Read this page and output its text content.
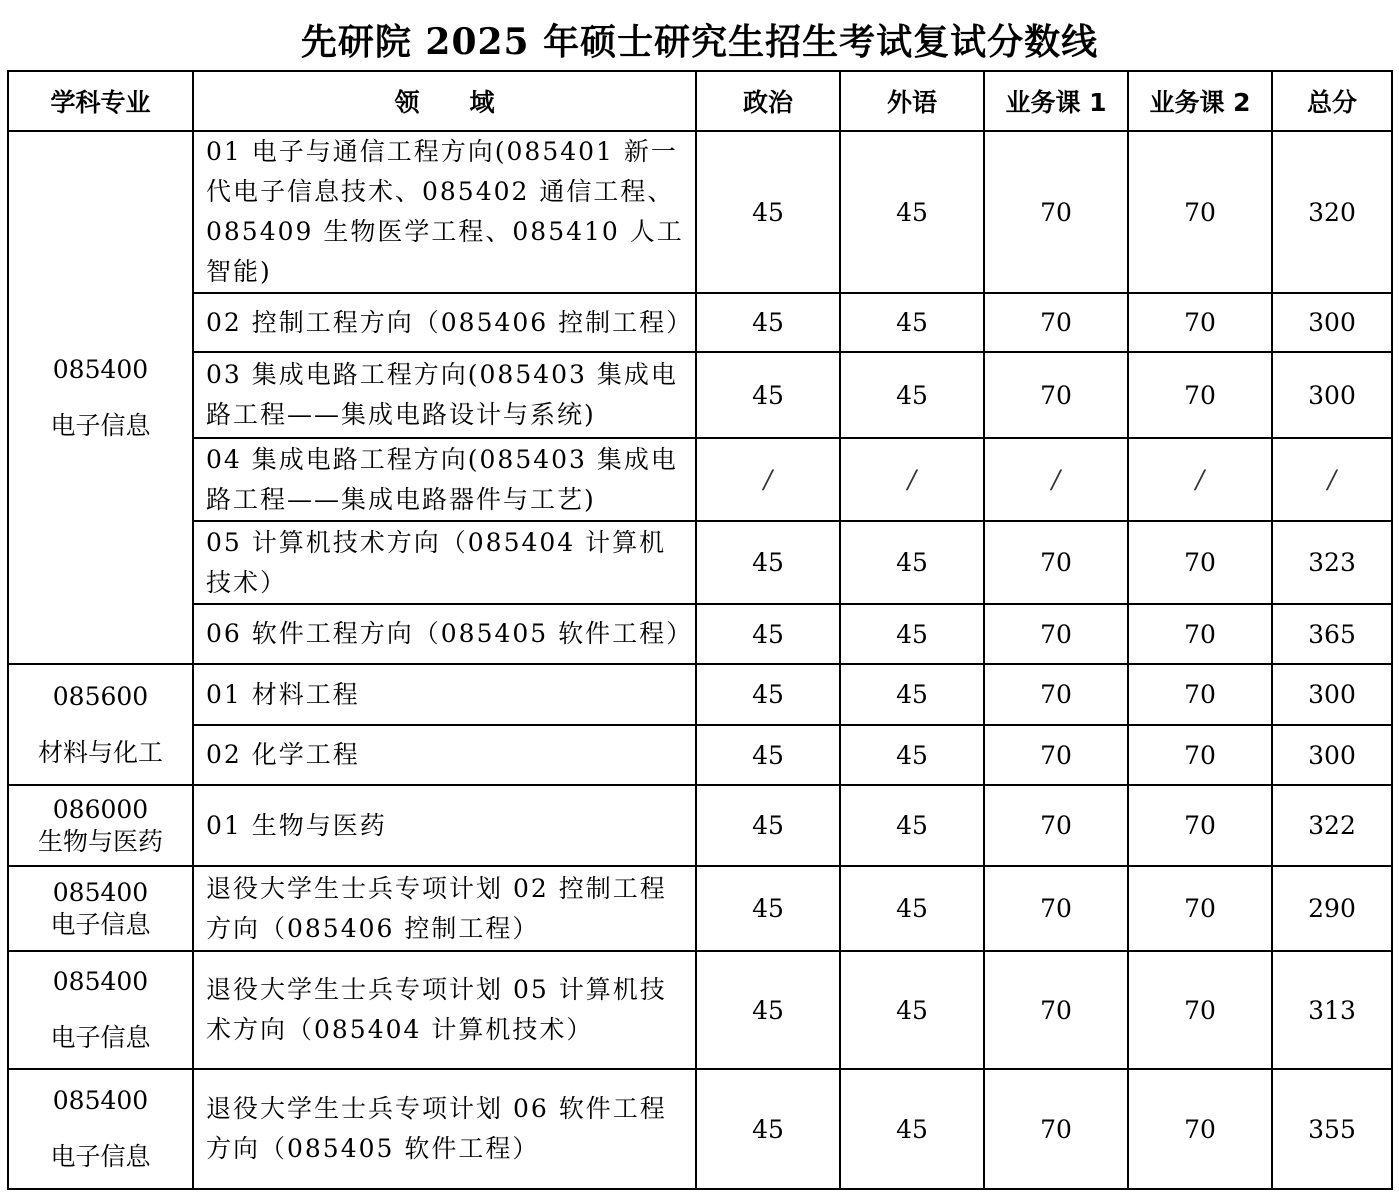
先研院 2025 年硕士研究生招生考试复试分数线
学科专业	领　　域	政治	外语	业务课 1	业务课 2	总分

085400
电子信息	01 电子与通信工程方向(085401 新一代电子信息技术、085402 通信工程、085409 生物医学工程、085410 人工智能)	45	45	70	70	320
	02 控制工程方向（085406 控制工程）	45	45	70	70	300
	03 集成电路工程方向(085403 集成电路工程——集成电路设计与系统)	45	45	70	70	300
	04 集成电路工程方向(085403 集成电路工程——集成电路器件与工艺)	/	/	/	/	/
	05 计算机技术方向（085404 计算机技术）	45	45	70	70	323
	06 软件工程方向（085405 软件工程）	45	45	70	70	365

085600
材料与化工	01 材料工程	45	45	70	70	300
	02 化学工程	45	45	70	70	300

086000
生物与医药	01 生物与医药	45	45	70	70	322

085400
电子信息	退役大学生士兵专项计划 02 控制工程方向（085406 控制工程）	45	45	70	70	290

085400
电子信息	退役大学生士兵专项计划 05 计算机技术方向（085404 计算机技术）	45	45	70	70	313

085400
电子信息	退役大学生士兵专项计划 06 软件工程方向（085405 软件工程）	45	45	70	70	355
